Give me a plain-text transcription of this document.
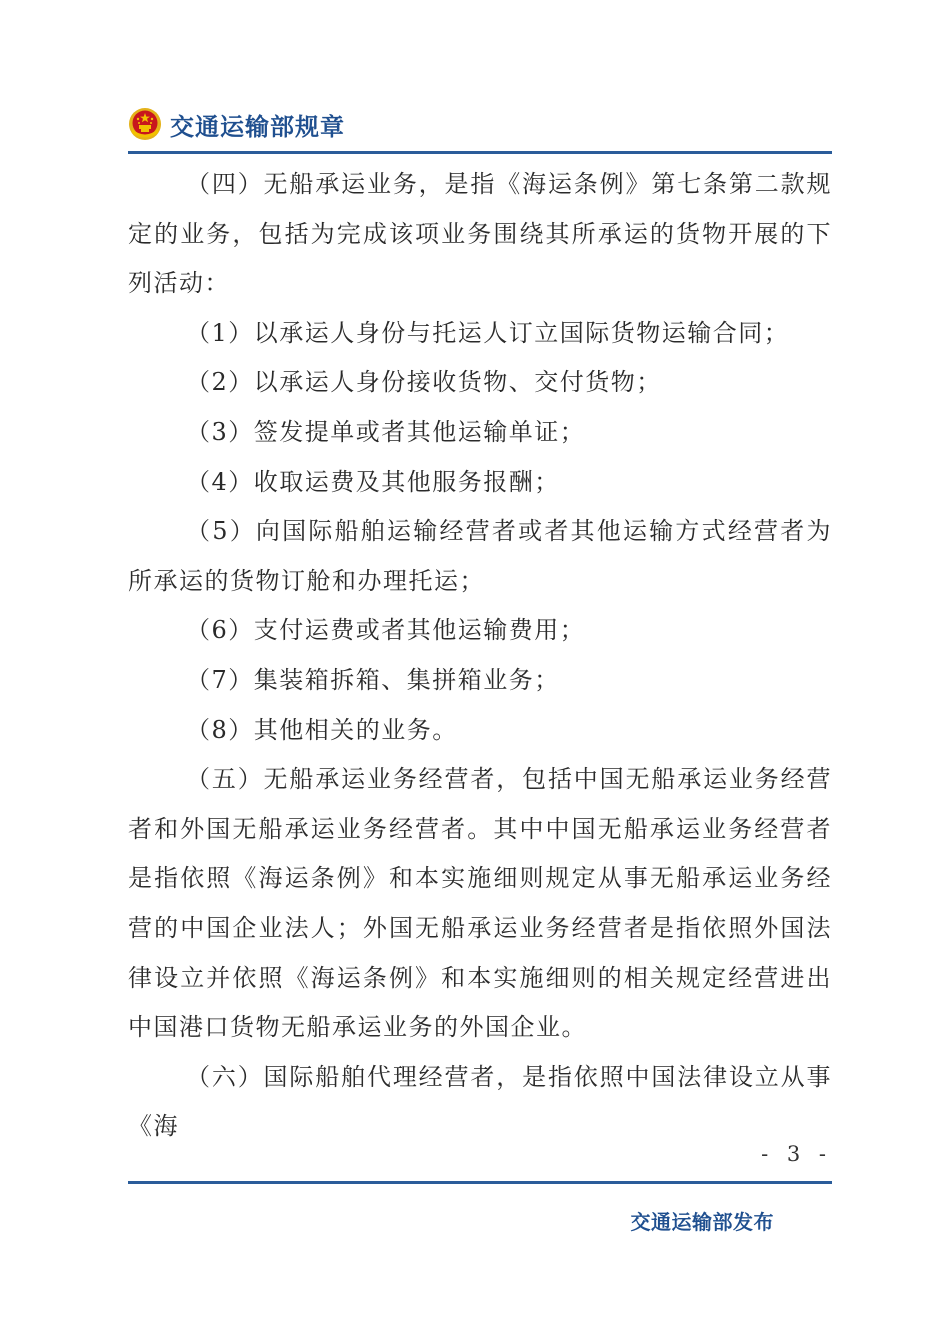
交通运输部规章

（四）无船承运业务，是指《海运条例》第七条第二款规定的业务，包括为完成该项业务围绕其所承运的货物开展的下列活动：

（1）以承运人身份与托运人订立国际货物运输合同；

（2）以承运人身份接收货物、交付货物；

（3）签发提单或者其他运输单证；

（4）收取运费及其他服务报酬；

（5）向国际船舶运输经营者或者其他运输方式经营者为所承运的货物订舱和办理托运；

（6）支付运费或者其他运输费用；

（7）集装箱拆箱、集拼箱业务；

（8）其他相关的业务。

（五）无船承运业务经营者，包括中国无船承运业务经营者和外国无船承运业务经营者。其中中国无船承运业务经营者是指依照《海运条例》和本实施细则规定从事无船承运业务经营的中国企业法人；外国无船承运业务经营者是指依照外国法律设立并依照《海运条例》和本实施细则的相关规定经营进出中国港口货物无船承运业务的外国企业。

（六）国际船舶代理经营者，是指依照中国法律设立从事《海

- 3 -
交通运输部发布
